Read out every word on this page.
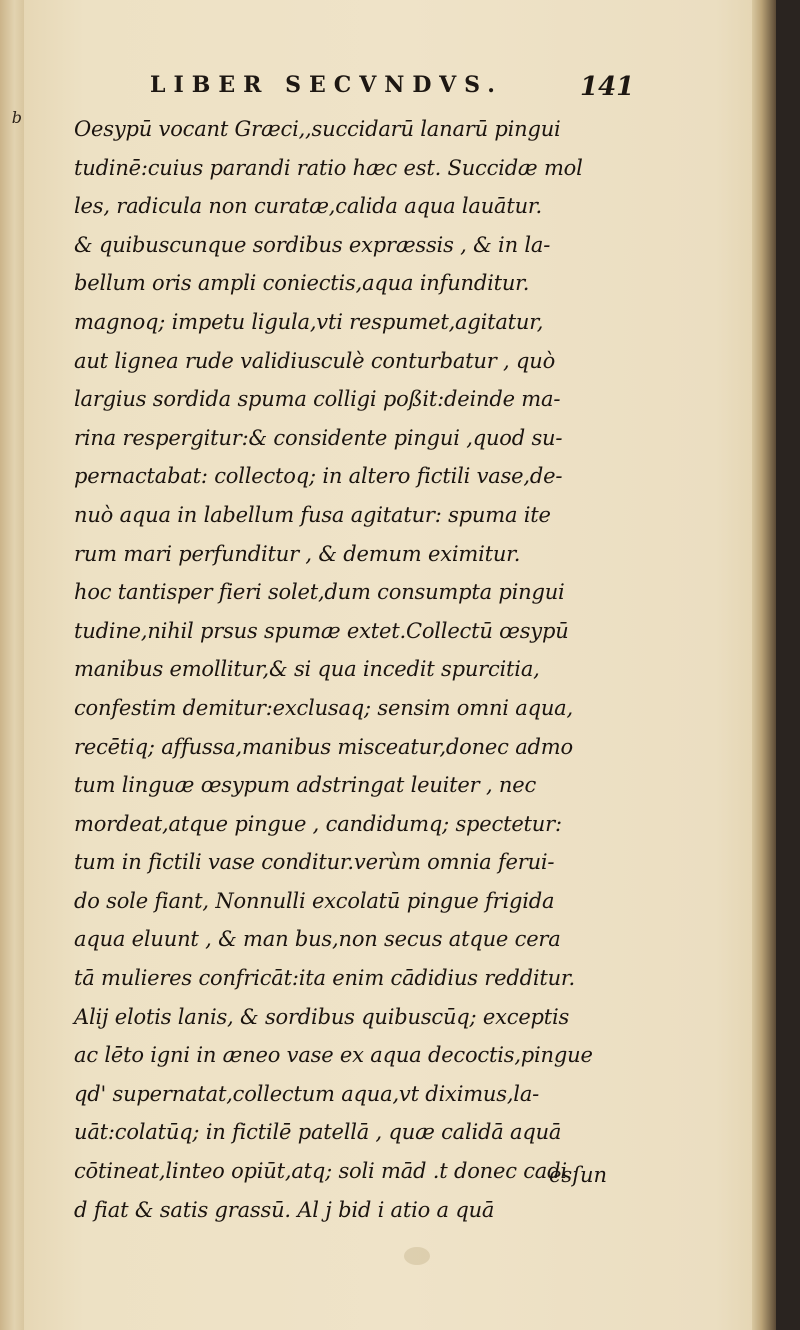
b
LIBER SECVNDVS.	141
Oesypū vocant Græci,,succidarū lanarū pingui
tudinē:cuius parandi ratio hæc est. Succidæ mol
les, radicula non curatæ,calida aqua lauātur.
& quibuscunque sordibus expræssis , & in la-
bellum oris ampli coniectis,aqua infunditur.
magnoq; impetu ligula,vti respumet,agitatur,
aut lignea rude validiusculè conturbatur , quò
largius sordida spuma colligi poßit:deinde ma-
rina respergitur:& considente pingui ,quod su-
pernactabat: collectoq; in altero fictili vase,de-
nuò aqua in labellum fusa agitatur: spuma ite
rum mari perfunditur , & demum eximitur.
hoc tantisper fieri solet,dum consumpta pingui
tudine,nihil prsus spumæ extet.Collectū œsypū
manibus emollitur,& si qua incedit spurcitia,
confestim demitur:exclusaq; sensim omni aqua,
recētiq; affussa,manibus misceatur,donec admo
tum linguæ œsypum adstringat leuiter , nec
mordeat,atque pingue , candidumq; spectetur:
tum in fictili vase conditur.verùm omnia ferui-
do sole fiant, Nonnulli excolatū pingue frigida
aqua eluunt , & man bus,non secus atque cera
tā mulieres confricāt:ita enim cādidius redditur.
Alij elotis lanis, & sordibus quibuscūq; exceptis
ac lēto igni in æneo vase ex aqua decoctis,pingue
qd' supernatat,collectum aqua,vt diximus,la-
uāt:colatūq; in fictilē patellā , quæ calidā aquā
cōtineat,linteo opiūt,atq; soli mād .t donec cadi
d fiat & satis grassū. Al j bid i atio a quā
esſun
